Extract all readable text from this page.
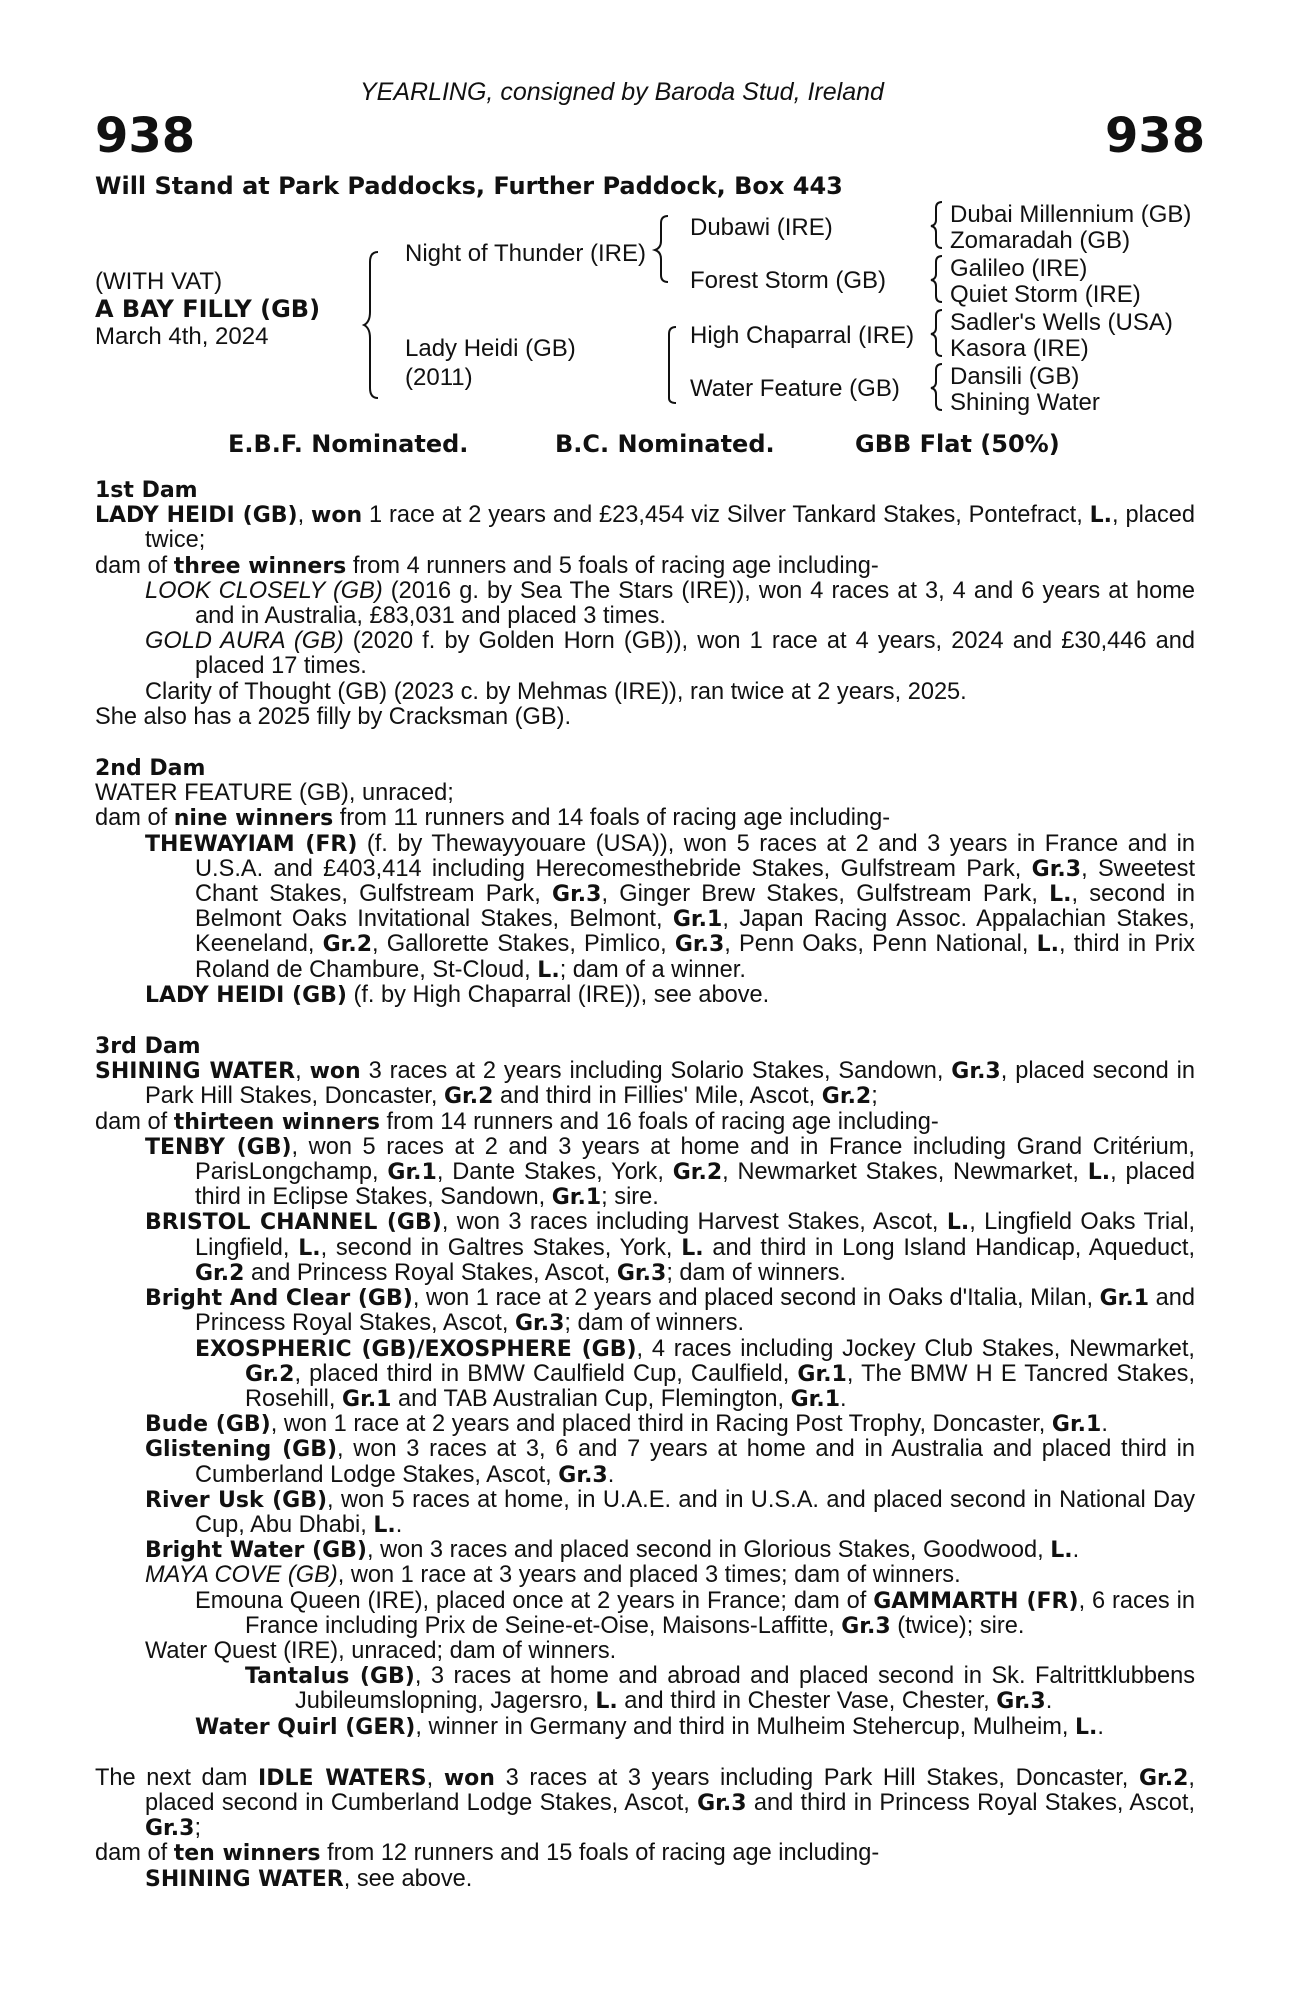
YEARLING, consigned by Baroda Stud, Ireland
938	938
Will Stand at Park Paddocks, Further Paddock, Box 443
(WITH VAT)
A BAY FILLY (GB)
March 4th, 2024
Night of Thunder (IRE)
Lady Heidi (GB)
(2011)
Dubawi (IRE)
Forest Storm (GB)
High Chaparral (IRE)
Water Feature (GB)
Dubai Millennium (GB)
Zomaradah (GB)
Galileo (IRE)
Quiet Storm (IRE)
Sadler's Wells (USA)
Kasora (IRE)
Dansili (GB)
Shining Water
E.B.F. Nominated.	B.C. Nominated.	GBB Flat (50%)
1st Dam
LADY HEIDI (GB), won 1 race at 2 years and £23,454 viz Silver Tankard Stakes, Pontefract, L., placed twice;
dam of three winners from 4 runners and 5 foals of racing age including-
LOOK CLOSELY (GB) (2016 g. by Sea The Stars (IRE)), won 4 races at 3, 4 and 6 years at home and in Australia, £83,031 and placed 3 times.
GOLD AURA (GB) (2020 f. by Golden Horn (GB)), won 1 race at 4 years, 2024 and £30,446 and placed 17 times.
Clarity of Thought (GB) (2023 c. by Mehmas (IRE)), ran twice at 2 years, 2025.
She also has a 2025 filly by Cracksman (GB).
2nd Dam
WATER FEATURE (GB), unraced;
dam of nine winners from 11 runners and 14 foals of racing age including-
THEWAYIAM (FR) (f. by Thewayyouare (USA)), won 5 races at 2 and 3 years in France and in U.S.A. and £403,414 including Herecomesthebride Stakes, Gulfstream Park, Gr.3, Sweetest Chant Stakes, Gulfstream Park, Gr.3, Ginger Brew Stakes, Gulfstream Park, L., second in Belmont Oaks Invitational Stakes, Belmont, Gr.1, Japan Racing Assoc. Appalachian Stakes, Keeneland, Gr.2, Gallorette Stakes, Pimlico, Gr.3, Penn Oaks, Penn National, L., third in Prix Roland de Chambure, St-Cloud, L.; dam of a winner.
LADY HEIDI (GB) (f. by High Chaparral (IRE)), see above.
3rd Dam
SHINING WATER, won 3 races at 2 years including Solario Stakes, Sandown, Gr.3, placed second in Park Hill Stakes, Doncaster, Gr.2 and third in Fillies' Mile, Ascot, Gr.2;
dam of thirteen winners from 14 runners and 16 foals of racing age including-
TENBY (GB), won 5 races at 2 and 3 years at home and in France including Grand Critérium, ParisLongchamp, Gr.1, Dante Stakes, York, Gr.2, Newmarket Stakes, Newmarket, L., placed third in Eclipse Stakes, Sandown, Gr.1; sire.
BRISTOL CHANNEL (GB), won 3 races including Harvest Stakes, Ascot, L., Lingfield Oaks Trial, Lingfield, L., second in Galtres Stakes, York, L. and third in Long Island Handicap, Aqueduct, Gr.2 and Princess Royal Stakes, Ascot, Gr.3; dam of winners.
Bright And Clear (GB), won 1 race at 2 years and placed second in Oaks d'Italia, Milan, Gr.1 and Princess Royal Stakes, Ascot, Gr.3; dam of winners.
EXOSPHERIC (GB)/EXOSPHERE (GB), 4 races including Jockey Club Stakes, Newmarket, Gr.2, placed third in BMW Caulfield Cup, Caulfield, Gr.1, The BMW H E Tancred Stakes, Rosehill, Gr.1 and TAB Australian Cup, Flemington, Gr.1.
Bude (GB), won 1 race at 2 years and placed third in Racing Post Trophy, Doncaster, Gr.1.
Glistening (GB), won 3 races at 3, 6 and 7 years at home and in Australia and placed third in Cumberland Lodge Stakes, Ascot, Gr.3.
River Usk (GB), won 5 races at home, in U.A.E. and in U.S.A. and placed second in National Day Cup, Abu Dhabi, L..
Bright Water (GB), won 3 races and placed second in Glorious Stakes, Goodwood, L..
MAYA COVE (GB), won 1 race at 3 years and placed 3 times; dam of winners.
Emouna Queen (IRE), placed once at 2 years in France; dam of GAMMARTH (FR), 6 races in France including Prix de Seine-et-Oise, Maisons-Laffitte, Gr.3 (twice); sire.
Water Quest (IRE), unraced; dam of winners.
Tantalus (GB), 3 races at home and abroad and placed second in Sk. Faltrittklubbens Jubileumslopning, Jagersro, L. and third in Chester Vase, Chester, Gr.3.
Water Quirl (GER), winner in Germany and third in Mulheim Stehercup, Mulheim, L..
The next dam IDLE WATERS, won 3 races at 3 years including Park Hill Stakes, Doncaster, Gr.2, placed second in Cumberland Lodge Stakes, Ascot, Gr.3 and third in Princess Royal Stakes, Ascot, Gr.3;
dam of ten winners from 12 runners and 15 foals of racing age including-
SHINING WATER, see above.
